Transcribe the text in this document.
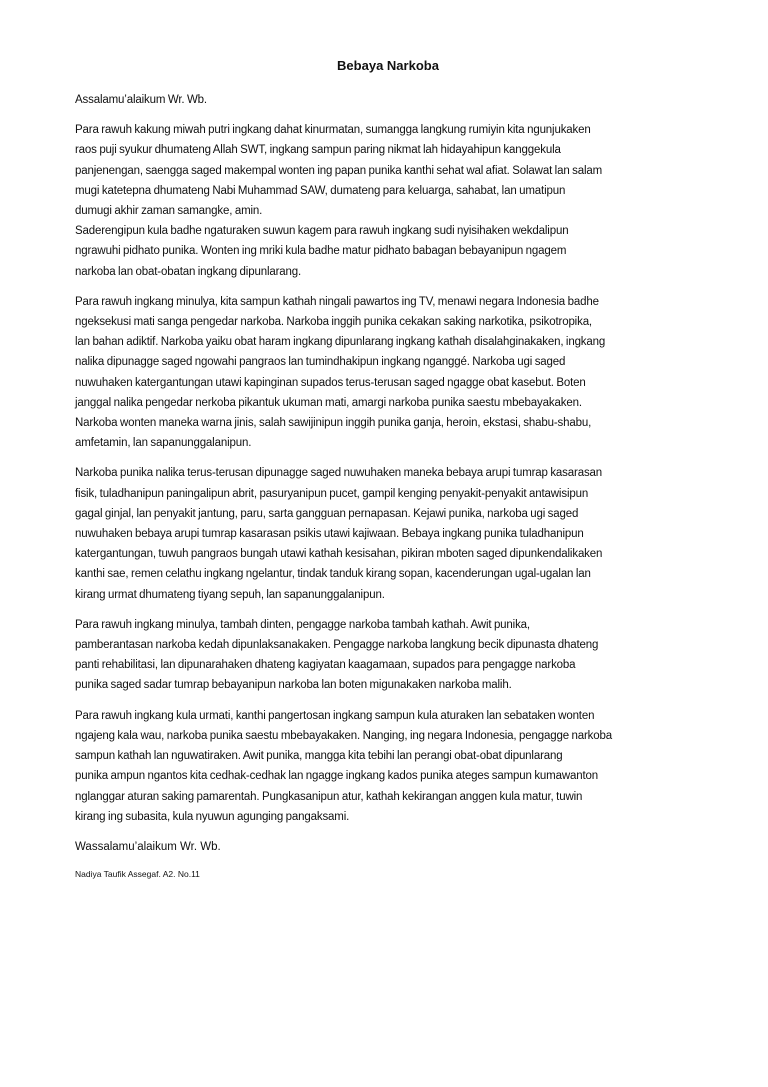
Bebaya Narkoba
Assalamu’alaikum Wr. Wb.
Para rawuh kakung miwah putri ingkang dahat kinurmatan, sumangga langkung rumiyin kita ngunjukaken
raos puji syukur dhumateng Allah SWT, ingkang sampun paring nikmat lah hidayahipun kanggekula
panjenengan, saengga saged makempal wonten ing papan punika kanthi sehat wal afiat. Solawat lan salam
mugi katetepna dhumateng Nabi Muhammad SAW, dumateng para keluarga, sahabat, lan umatipun
dumugi akhir zaman samangke, amin.
Saderengipun kula badhe ngaturaken suwun kagem para rawuh ingkang sudi nyisihaken wekdalipun
ngrawuhi pidhato punika. Wonten ing mriki kula badhe matur pidhato babagan bebayanipun ngagem
narkoba lan obat-obatan ingkang dipunlarang.
Para rawuh ingkang minulya, kita sampun kathah ningali pawartos ing TV, menawi negara Indonesia badhe
ngeksekusi mati sanga pengedar narkoba. Narkoba inggih punika cekakan saking narkotika, psikotropika,
lan bahan adiktif. Narkoba yaiku obat haram ingkang dipunlarang ingkang kathah disalahginakaken, ingkang
nalika dipunagge saged ngowahi pangraos lan tumindhakipun ingkang nganggé. Narkoba ugi saged
nuwuhaken katergantungan utawi kapinginan supados terus-terusan saged ngagge obat kasebut. Boten
janggal nalika pengedar nerkoba pikantuk ukuman mati, amargi narkoba punika saestu mbebayakaken.
Narkoba wonten maneka warna jinis, salah sawijinipun inggih punika ganja, heroin, ekstasi, shabu-shabu,
amfetamin, lan sapanunggalanipun.
Narkoba punika nalika terus-terusan dipunagge saged nuwuhaken maneka bebaya arupi tumrap kasarasan
fisik, tuladhanipun paningalipun abrit, pasuryanipun pucet, gampil kenging penyakit-penyakit antawisipun
gagal ginjal, lan penyakit jantung, paru, sarta gangguan pernapasan. Kejawi punika, narkoba ugi saged
nuwuhaken bebaya arupi tumrap kasarasan psikis utawi kajiwaan. Bebaya ingkang punika tuladhanipun
katergantungan, tuwuh pangraos bungah utawi kathah kesisahan, pikiran mboten saged dipunkendalikaken
kanthi sae, remen celathu ingkang ngelantur, tindak tanduk kirang sopan, kacenderungan ugal-ugalan lan
kirang urmat dhumateng tiyang sepuh, lan sapanunggalanipun.
Para rawuh ingkang minulya, tambah dinten, pengagge narkoba tambah kathah. Awit punika,
pamberantasan narkoba kedah dipunlaksanakaken. Pengagge narkoba langkung becik dipunasta dhateng
panti rehabilitasi, lan dipunarahaken dhateng kagiyatan kaagamaan, supados para pengagge narkoba
punika saged sadar tumrap bebayanipun narkoba lan boten migunakaken narkoba malih.
Para rawuh ingkang kula urmati, kanthi pangertosan ingkang sampun kula aturaken lan sebataken wonten
ngajeng kala wau, narkoba punika saestu mbebayakaken. Nanging, ing negara Indonesia, pengagge narkoba
sampun kathah lan nguwatiraken. Awit punika, mangga kita tebihi lan perangi obat-obat dipunlarang
punika ampun ngantos kita cedhak-cedhak lan ngagge ingkang kados punika ateges sampun kumawanton
nglanggar aturan saking pamarentah. Pungkasanipun atur, kathah kekirangan anggen kula matur, tuwin
kirang ing subasita, kula nyuwun agunging pangaksami.
Wassalamu’alaikum Wr. Wb.
Nadiya Taufik Assegaf. A2. No.11
